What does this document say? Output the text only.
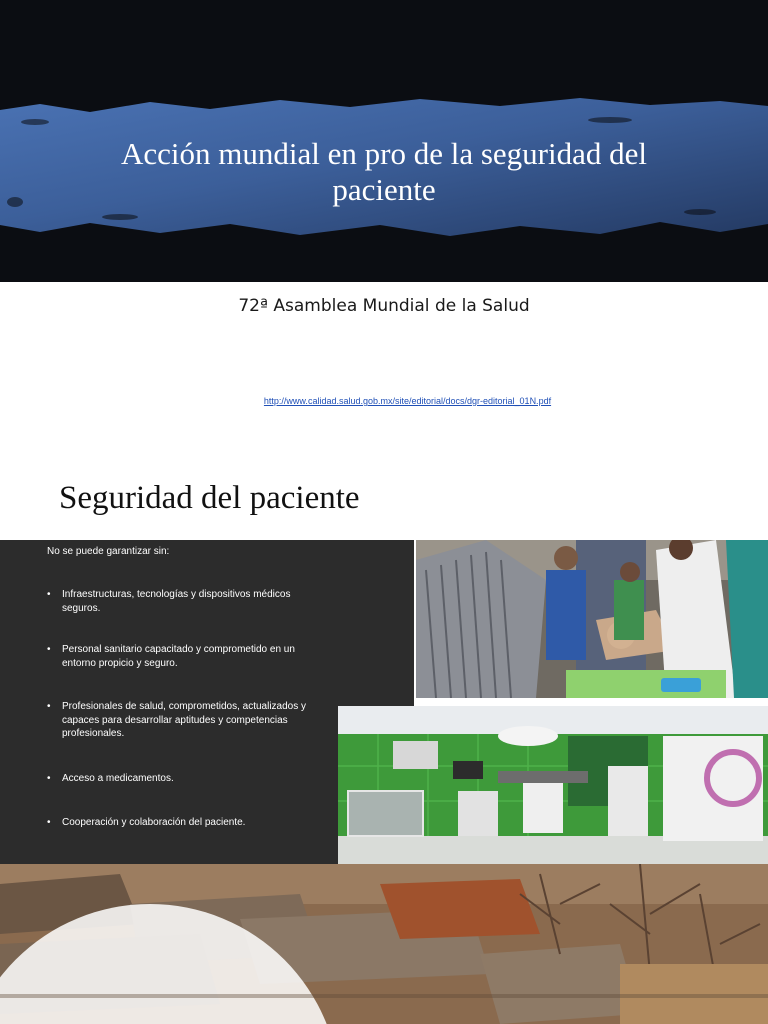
Acción mundial en pro de la seguridad del
paciente
72ª Asamblea Mundial de la Salud
http://www.calidad.salud.gob.mx/site/editorial/docs/dgr-editorial_01N.pdf
Seguridad del paciente
No se puede garantizar sin:
• Infraestructuras, tecnologías y dispositivos médicos
seguros.
• Personal sanitario capacitado y comprometido en un
entorno propicio y seguro.
• Profesionales de salud, comprometidos, actualizados y
capaces para desarrollar aptitudes y competencias
profesionales.
• Acceso a medicamentos.
• Cooperación y colaboración del paciente.
